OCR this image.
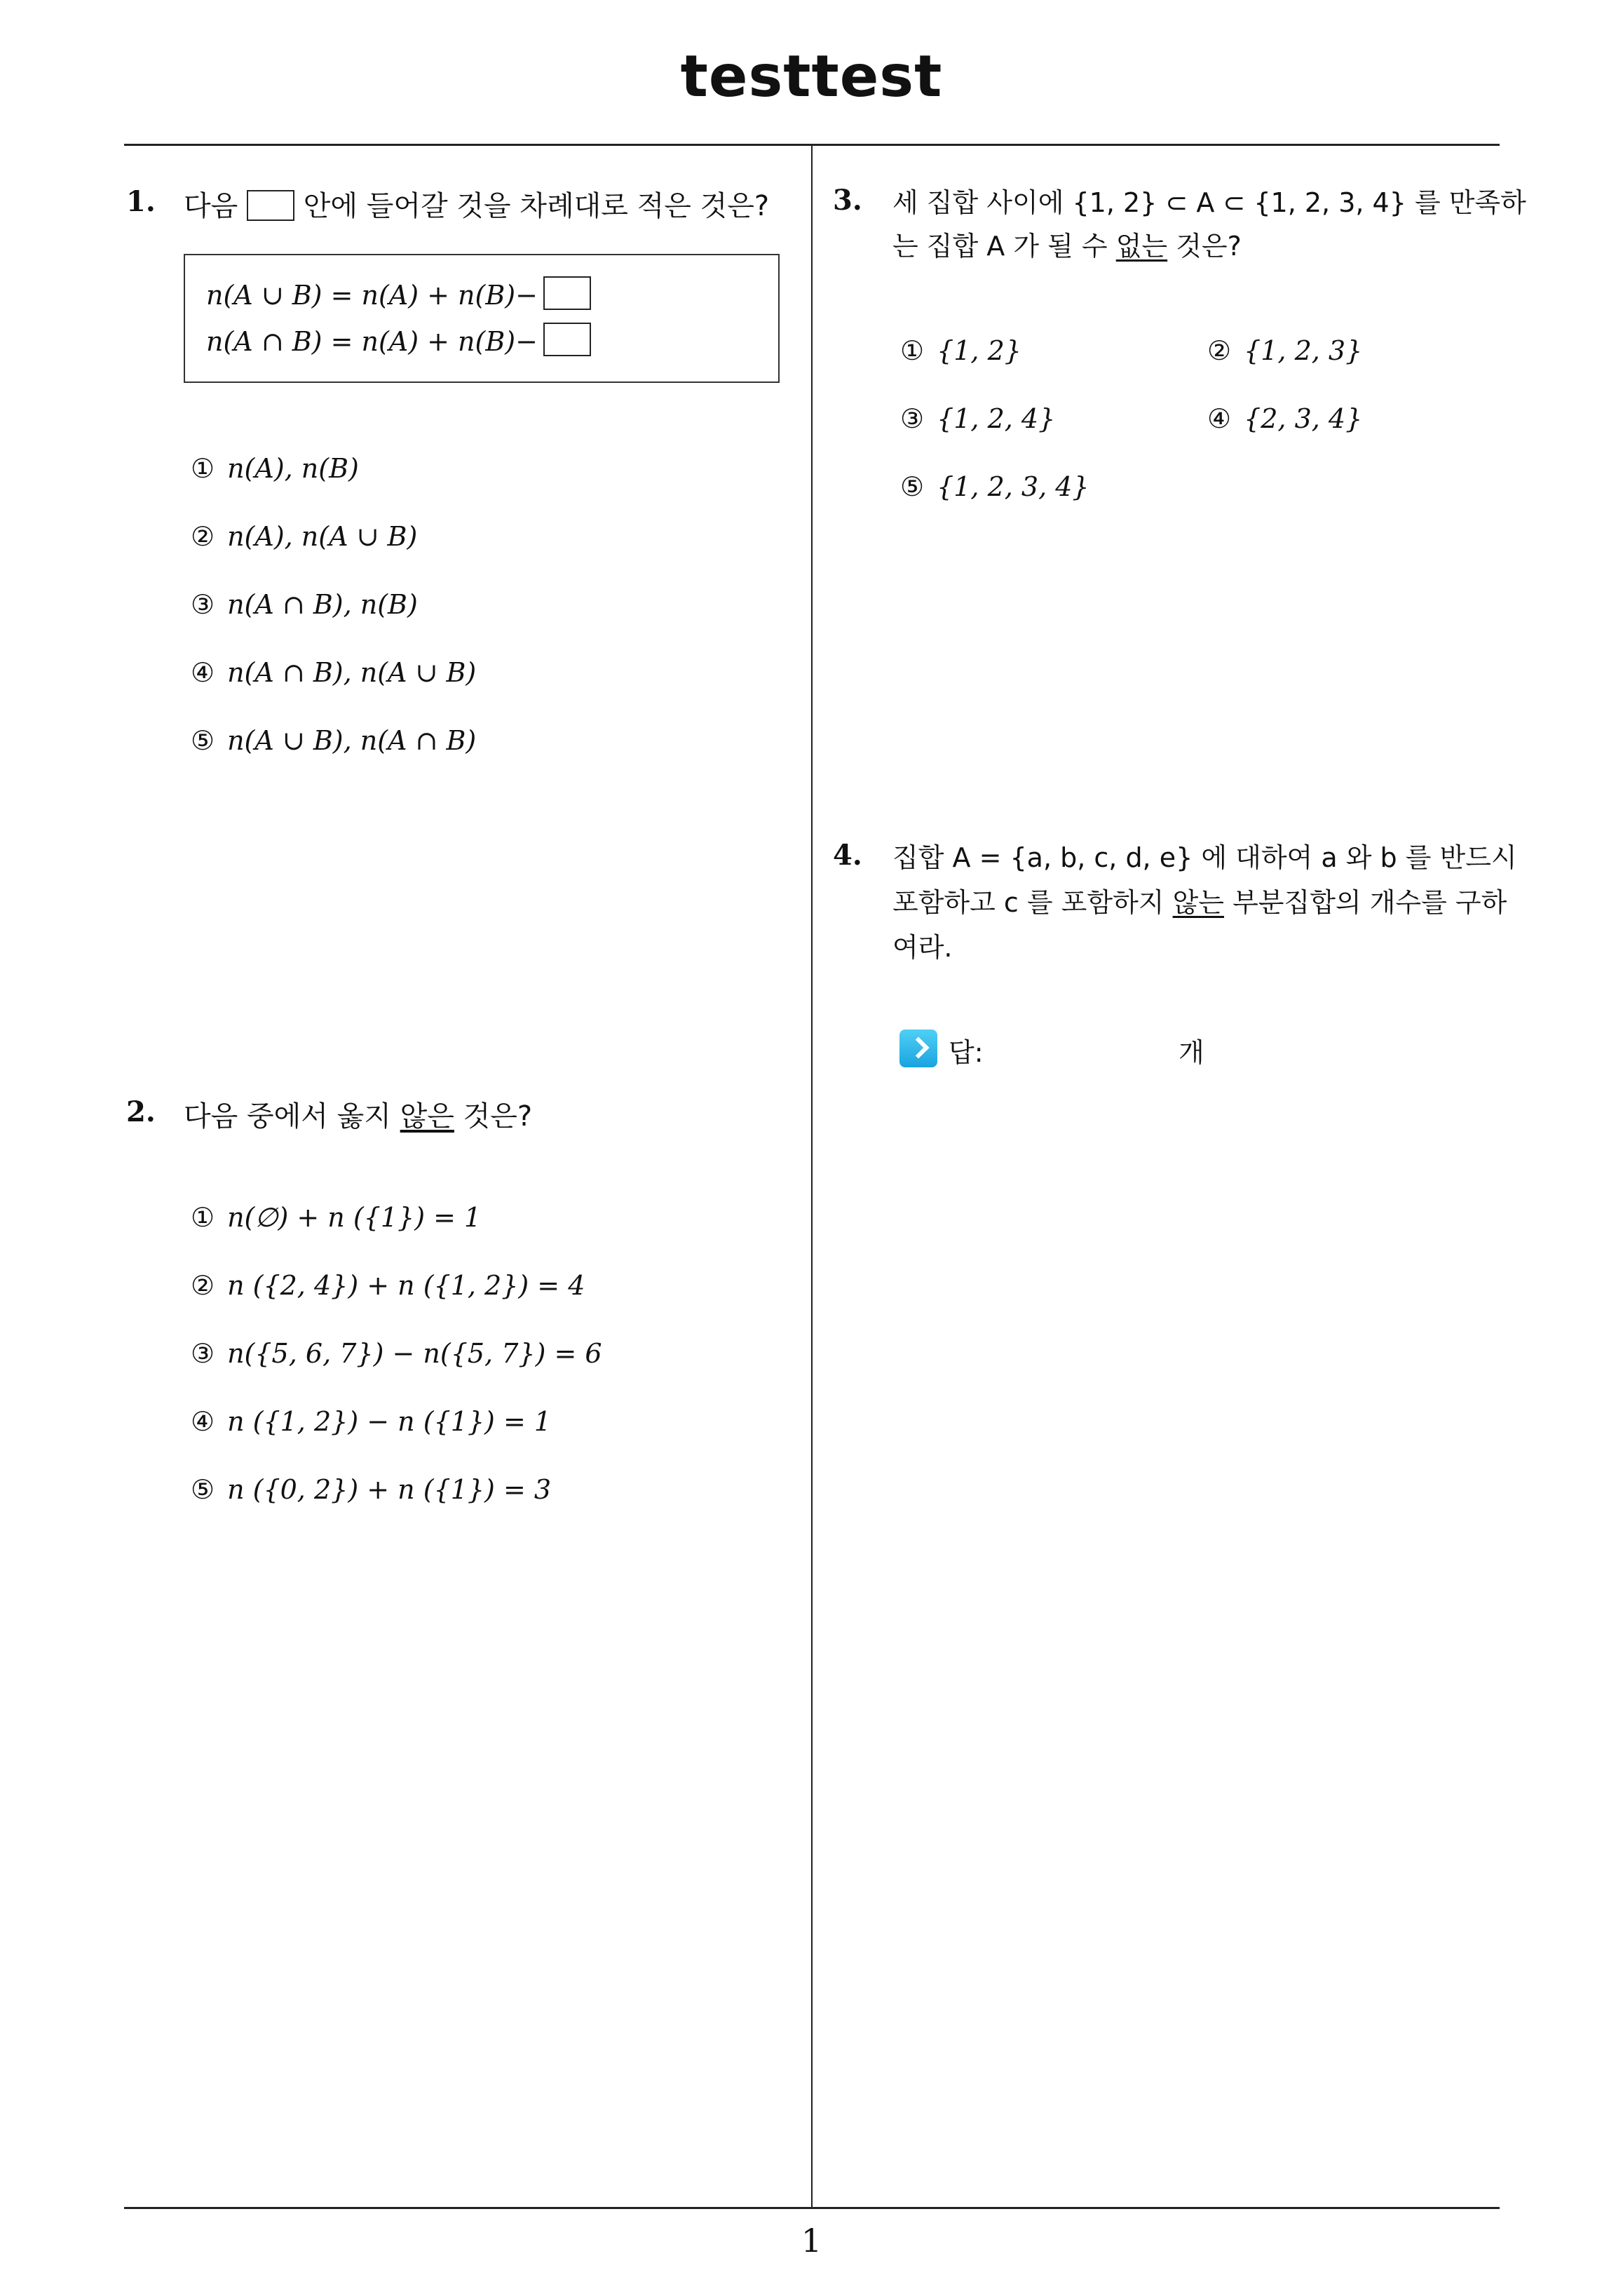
testtest
1
1. 다음 안에 들어갈 것을 차례대로 적은 것은?
n(A ∪ B) = n(A) + n(B)−
n(A ∩ B) = n(A) + n(B)−
① n(A), n(B)
② n(A), n(A ∪ B)
③ n(A ∩ B), n(B)
④ n(A ∩ B), n(A ∪ B)
⑤ n(A ∪ B), n(A ∩ B)
2. 다음 중에서 옳지 않은 것은?
① n(∅) + n ({1}) = 1
② n ({2, 4}) + n ({1, 2}) = 4
③ n({5, 6, 7}) − n({5, 7}) = 6
④ n ({1, 2}) − n ({1}) = 1
⑤ n ({0, 2}) + n ({1}) = 3
3. 세 집합 사이에 {1, 2} ⊂ A ⊂ {1, 2, 3, 4} 를 만족하
는 집합 A 가 될 수 없는 것은?
① {1, 2}	② {1, 2, 3}
③ {1, 2, 4}	④ {2, 3, 4}
⑤ {1, 2, 3, 4}
4. 집합 A = {a, b, c, d, e} 에 대하여 a 와 b 를 반드시
포함하고 c 를 포함하지 않는 부분집합의 개수를 구하
여라.
답:	개
